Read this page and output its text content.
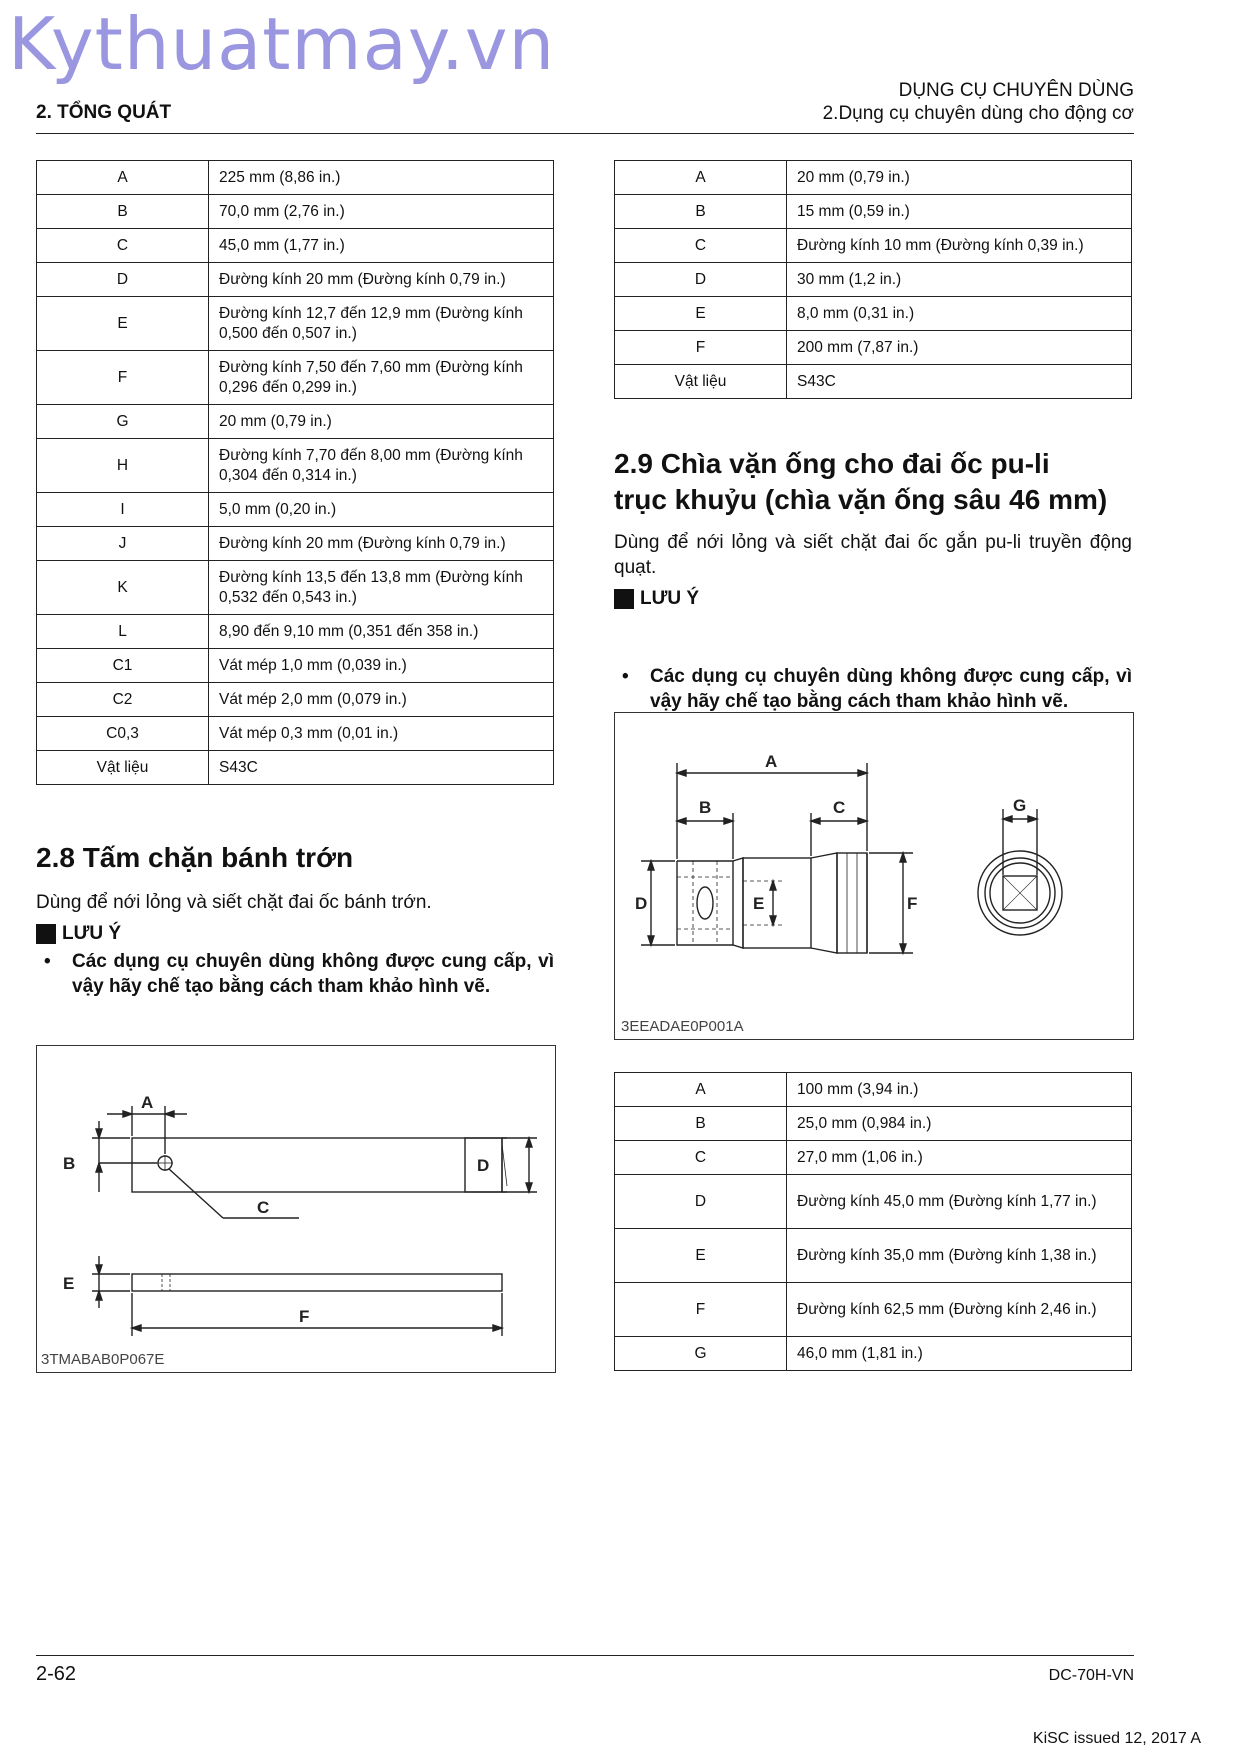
Kythuatmay.vn
2. TỔNG QUÁT
DỤNG CỤ CHUYÊN DÙNG
2.Dụng cụ chuyên dùng cho động cơ
A	225 mm (8,86 in.)
B	70,0 mm (2,76 in.)
C	45,0 mm (1,77 in.)
D	Đường kính 20 mm (Đường kính 0,79 in.)
E	Đường kính 12,7 đến 12,9 mm (Đường kính 0,500 đến 0,507 in.)
F	Đường kính 7,50 đến 7,60 mm (Đường kính 0,296 đến 0,299 in.)
G	20 mm (0,79 in.)
H	Đường kính 7,70 đến 8,00 mm (Đường kính 0,304 đến 0,314 in.)
I	5,0 mm (0,20 in.)
J	Đường kính 20 mm (Đường kính 0,79 in.)
K	Đường kính 13,5 đến 13,8 mm (Đường kính 0,532 đến 0,543 in.)
L	8,90 đến 9,10 mm (0,351 đến 358 in.)
C1	Vát mép 1,0 mm (0,039 in.)
C2	Vát mép 2,0 mm (0,079 in.)
C0,3	Vát mép 0,3 mm (0,01 in.)
Vật liệu	S43C
A	20 mm (0,79 in.)
B	15 mm (0,59 in.)
C	Đường kính 10 mm (Đường kính 0,39 in.)
D	30 mm (1,2 in.)
E	8,0 mm (0,31 in.)
F	200 mm (7,87 in.)
Vật liệu	S43C
2.8 Tấm chặn bánh trớn
Dùng để nới lỏng và siết chặt đai ốc bánh trớn.
LƯU Ý
• Các dụng cụ chuyên dùng không được cung cấp, vì vậy hãy chế tạo bằng cách tham khảo hình vẽ.
A
B
C
D
E
F
3TMABAB0P067E
2.9 Chìa vặn ống cho đai ốc pu-li
trục khuỷu (chìa vặn ống sâu 46 mm)
Dùng để nới lỏng và siết chặt đai ốc gắn pu-li truyền động quạt.
LƯU Ý
• Các dụng cụ chuyên dùng không được cung cấp, vì vậy hãy chế tạo bằng cách tham khảo hình vẽ.
A
B	C
D	E	F
G
3EEADAE0P001A
A	100 mm (3,94 in.)
B	25,0 mm (0,984 in.)
C	27,0 mm (1,06 in.)
D	Đường kính 45,0 mm (Đường kính 1,77 in.)
E	Đường kính 35,0 mm (Đường kính 1,38 in.)
F	Đường kính 62,5 mm (Đường kính 2,46 in.)
G	46,0 mm (1,81 in.)
2-62	DC-70H-VN
KiSC issued 12, 2017 A
